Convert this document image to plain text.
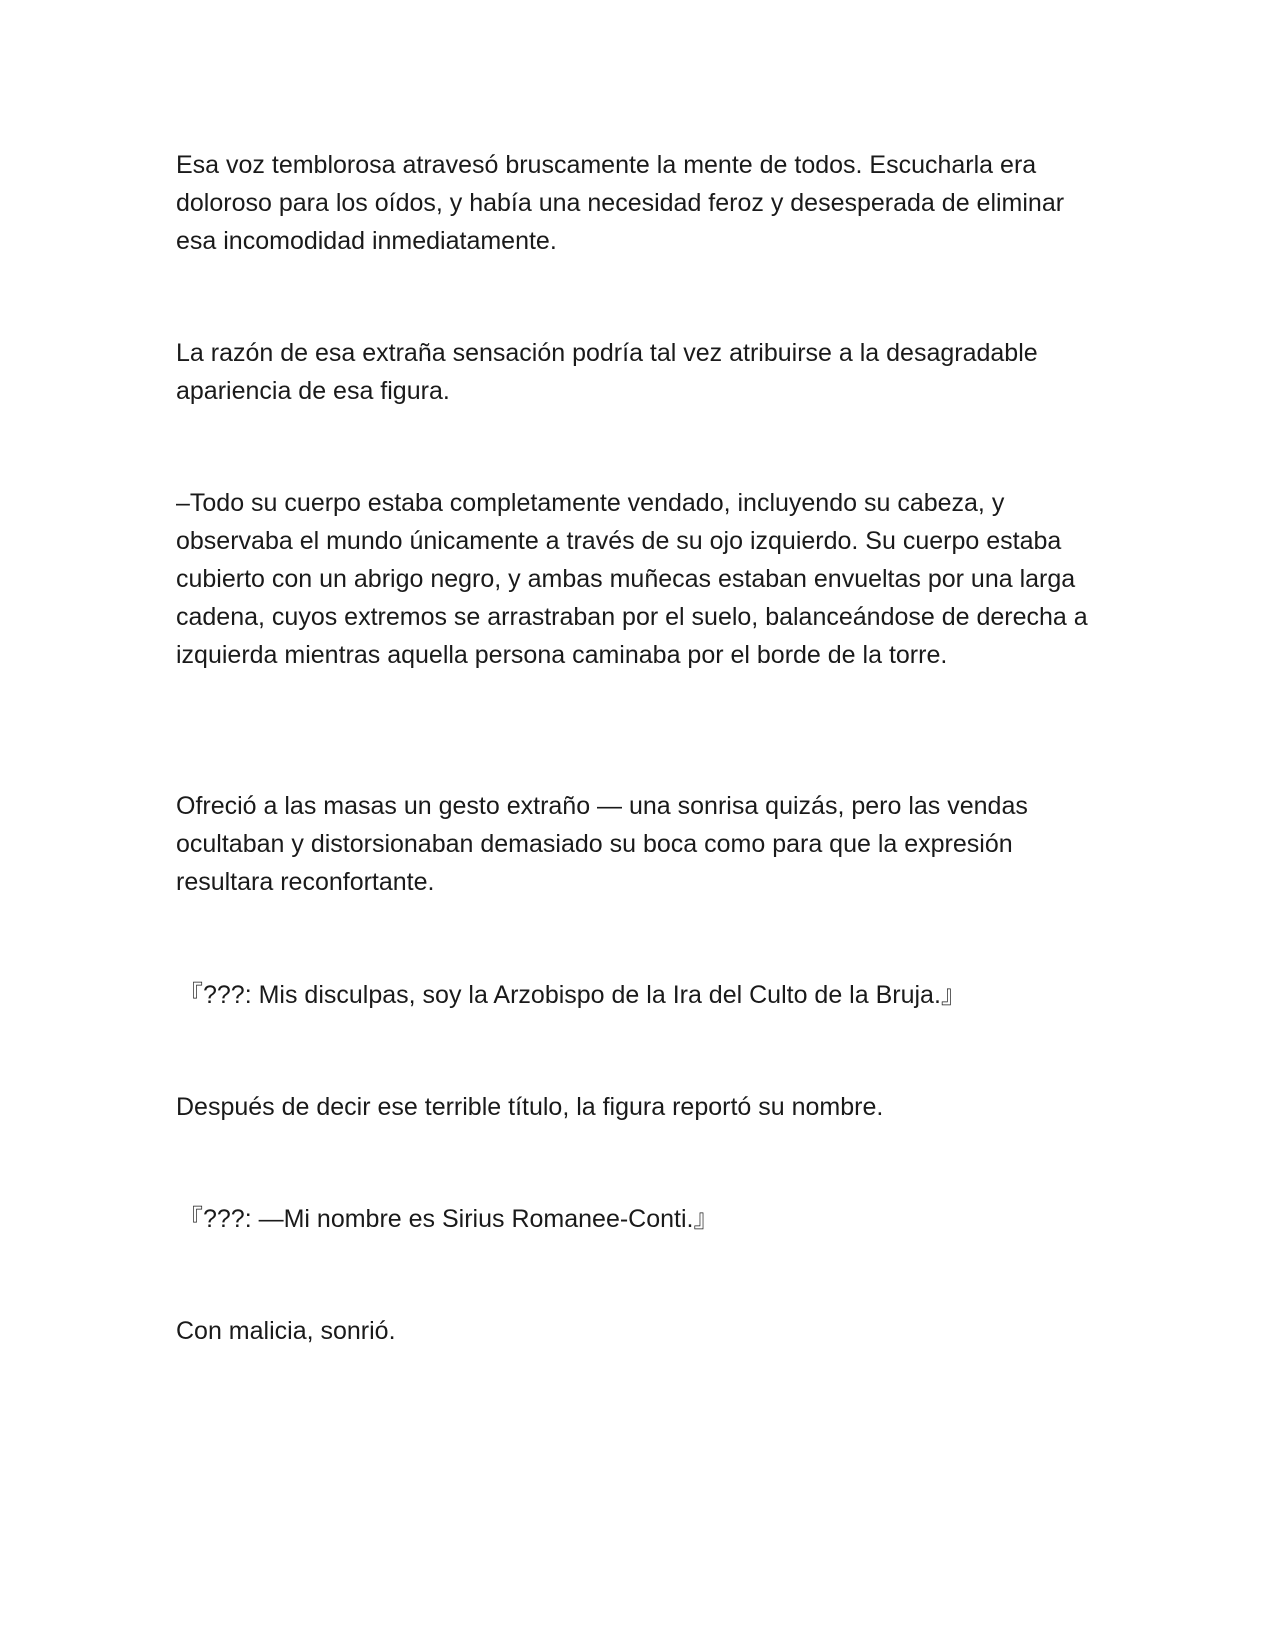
Esa voz temblorosa atravesó bruscamente la mente de todos. Escucharla era doloroso para los oídos, y había una necesidad feroz y desesperada de eliminar esa incomodidad inmediatamente.

La razón de esa extraña sensación podría tal vez atribuirse a la desagradable apariencia de esa figura.

–Todo su cuerpo estaba completamente vendado, incluyendo su cabeza, y observaba el mundo únicamente a través de su ojo izquierdo. Su cuerpo estaba cubierto con un abrigo negro, y ambas muñecas estaban envueltas por una larga cadena, cuyos extremos se arrastraban por el suelo, balanceándose de derecha a izquierda mientras aquella persona caminaba por el borde de la torre.

Ofreció a las masas un gesto extraño — una sonrisa quizás, pero las vendas ocultaban y distorsionaban demasiado su boca como para que la expresión resultara reconfortante.

『???: Mis disculpas, soy la Arzobispo de la Ira del Culto de la Bruja.』

Después de decir ese terrible título, la figura reportó su nombre.

『???: —Mi nombre es Sirius Romanee-Conti.』

Con malicia, sonrió.
